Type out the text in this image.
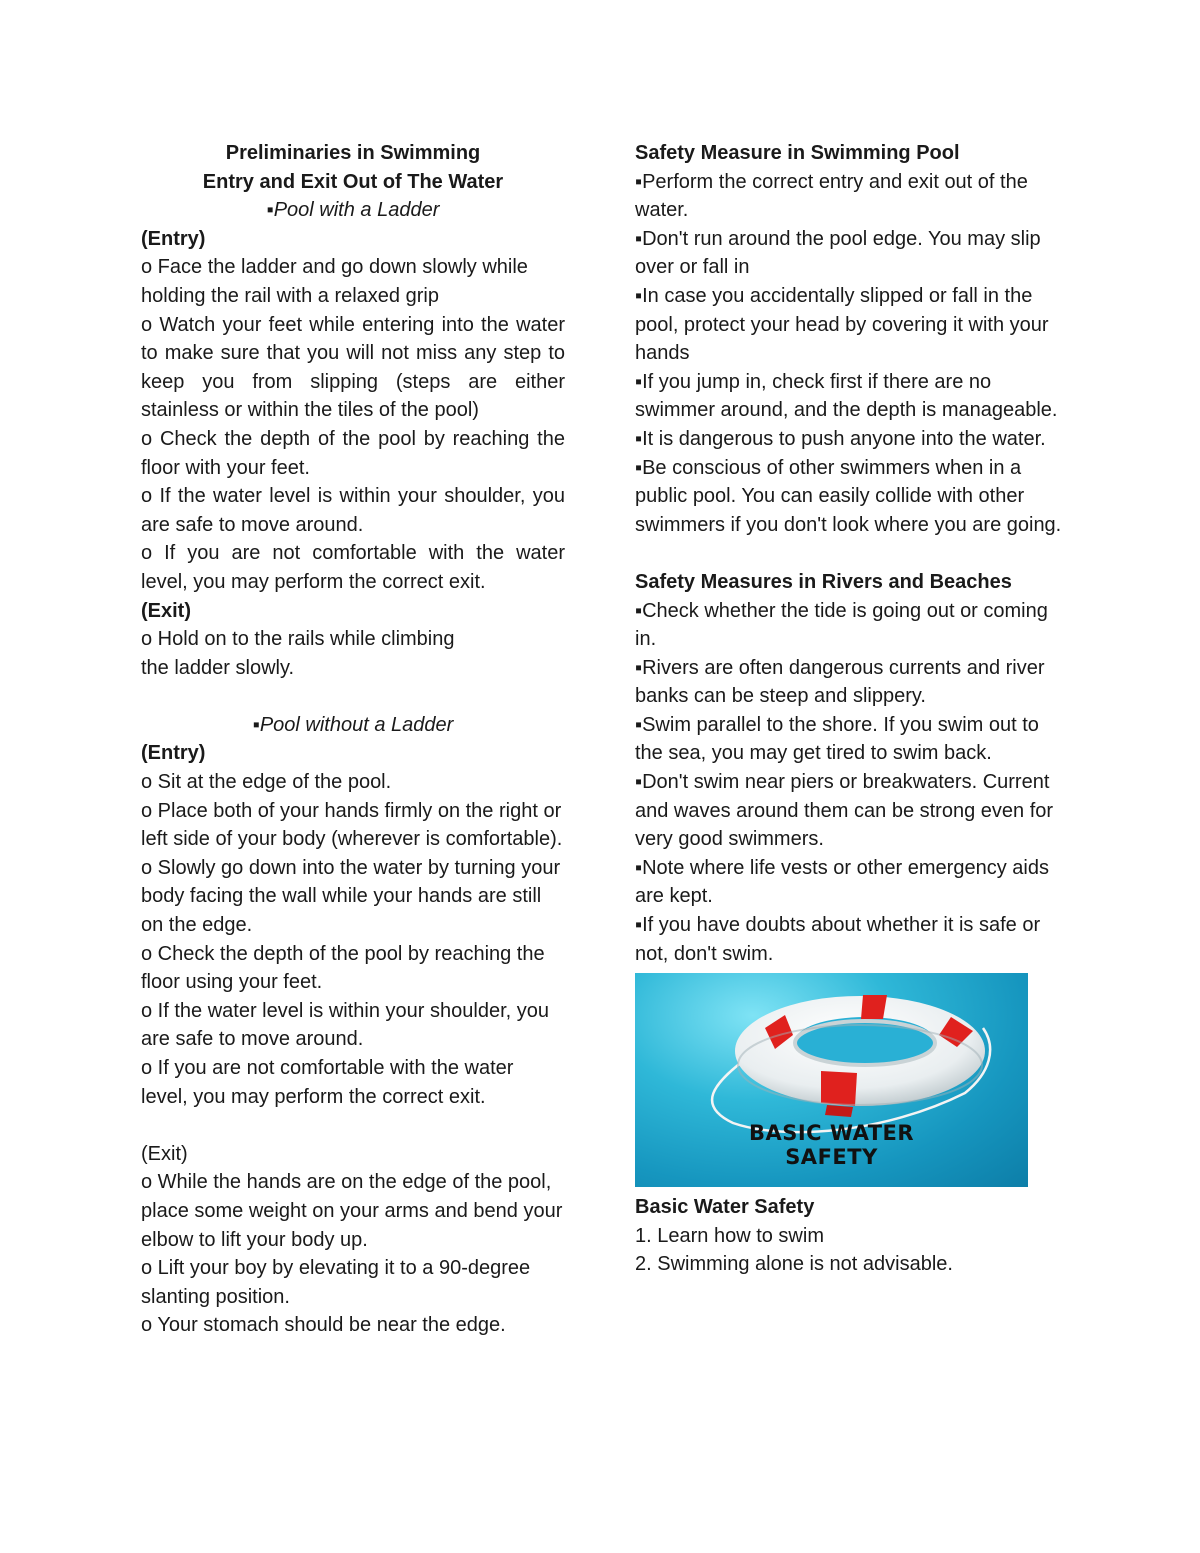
Preliminaries in Swimming
Entry and Exit Out of The Water
▪ Pool with a Ladder
(Entry)
o Face the ladder and go down slowly while holding the rail with a relaxed grip
o Watch your feet while entering into the water to make sure that you will not miss any step to keep you from slipping (steps are either stainless or within the tiles of the pool)
o Check the depth of the pool by reaching the floor with your feet.
o If the water level is within your shoulder, you are safe to move around.
o If you are not comfortable with the water level, you may perform the correct exit.
(Exit)
o Hold on to the rails while climbing
the ladder slowly.
▪ Pool without a Ladder
(Entry)
o Sit at the edge of the pool.
o Place both of your hands firmly on the right or left side of your body (wherever is comfortable).
o Slowly go down into the water by turning your body facing the wall while your hands are still on the edge.
o Check the depth of the pool by reaching the floor using your feet.
o If the water level is within your shoulder, you are safe to move around.
o If you are not comfortable with the water level, you may perform the correct exit.
(Exit)
o While the hands are on the edge of the pool, place some weight on your arms and bend your elbow to lift your body up.
o Lift your boy by elevating it to a 90-degree slanting position.
o Your stomach should be near the edge.
Safety Measure in Swimming Pool
▪ Perform the correct entry and exit out of the water.
▪ Don't run around the pool edge. You may slip over or fall in
▪ In case you accidentally slipped or fall in the pool, protect your head by covering it with your hands
▪ If you jump in, check first if there are no swimmer around, and the depth is manageable.
▪ It is dangerous to push anyone into the water.
▪ Be conscious of other swimmers when in a public pool. You can easily collide with other swimmers if you don't look where you are going.
Safety Measures in Rivers and Beaches
▪ Check whether the tide is going out or coming in.
▪ Rivers are often dangerous currents and river banks can be steep and slippery.
▪ Swim parallel to the shore. If you swim out to the sea, you may get tired to swim back.
▪ Don't swim near piers or breakwaters. Current and waves around them can be strong even for very good swimmers.
▪ Note where life vests or other emergency aids are kept.
▪ If you have doubts about whether it is safe or not, don't swim.
BASIC WATER
SAFETY
Basic Water Safety
1. Learn how to swim
2. Swimming alone is not advisable.
